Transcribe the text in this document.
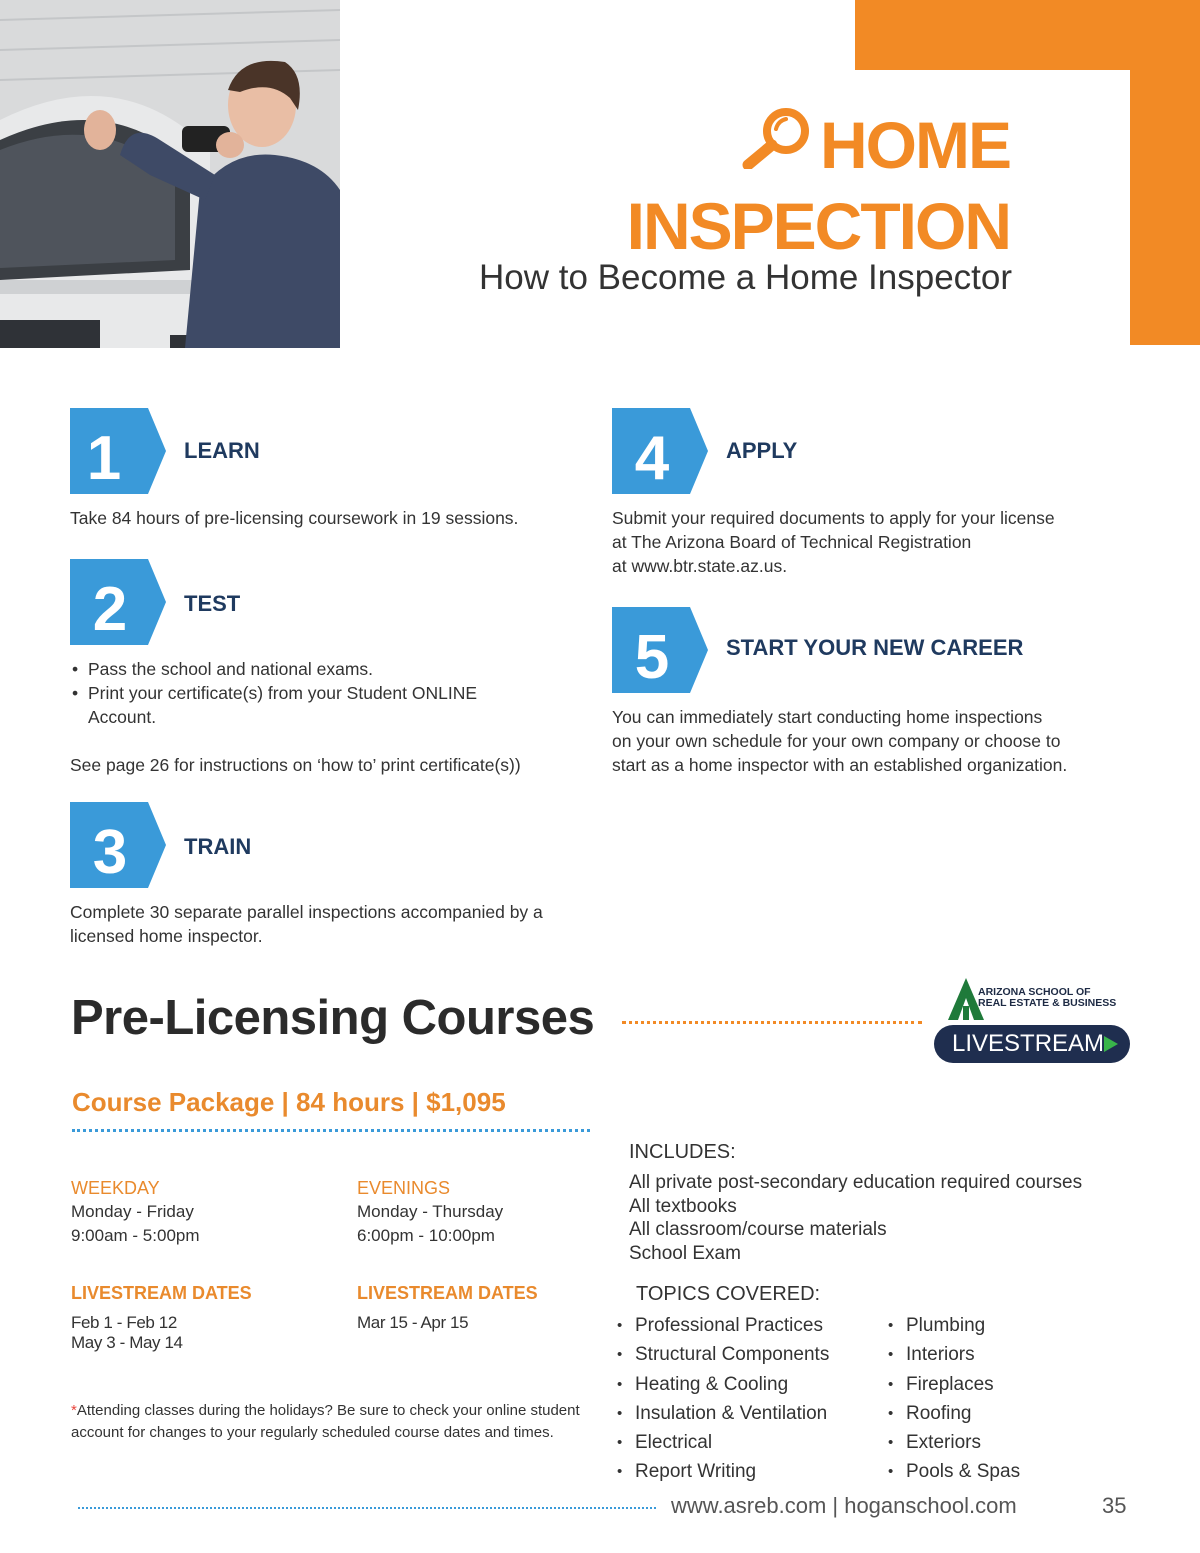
HOME
INSPECTION
How to Become a Home Inspector
1	LEARN
Take 84 hours of pre-licensing coursework in 19 sessions.
2	TEST
• Pass the school and national exams.
• Print your certificate(s) from your Student ONLINE Account.
See page 26 for instructions on ‘how to’ print certificate(s))
3	TRAIN
Complete 30 separate parallel inspections accompanied by a licensed home inspector.
4	APPLY
Submit your required documents to apply for your license
at The Arizona Board of Technical Registration
at www.btr.state.az.us.
5	START YOUR NEW CAREER
You can immediately start conducting home inspections
on your own schedule for your own company or choose to
start as a home inspector with an established organization.
Pre-Licensing Courses	ARIZONA SCHOOL OF
REAL ESTATE & BUSINESS
LIVESTREAM
Course Package | 84 hours | $1,095
WEEKDAY
Monday - Friday
9:00am - 5:00pm
EVENINGS
Monday - Thursday
6:00pm - 10:00pm
LIVESTREAM DATES
Feb 1 - Feb 12
May 3 - May 14
LIVESTREAM DATES
Mar 15 - Apr 15
*Attending classes during the holidays? Be sure to check your online student account for changes to your regularly scheduled course dates and times.
INCLUDES:
All private post-secondary education required courses
All textbooks
All classroom/course materials
School Exam
TOPICS COVERED:
• Professional Practices
• Structural Components
• Heating & Cooling
• Insulation & Ventilation
• Electrical
• Report Writing
• Plumbing
• Interiors
• Fireplaces
• Roofing
• Exteriors
• Pools & Spas
www.asreb.com | hoganschool.com	35
